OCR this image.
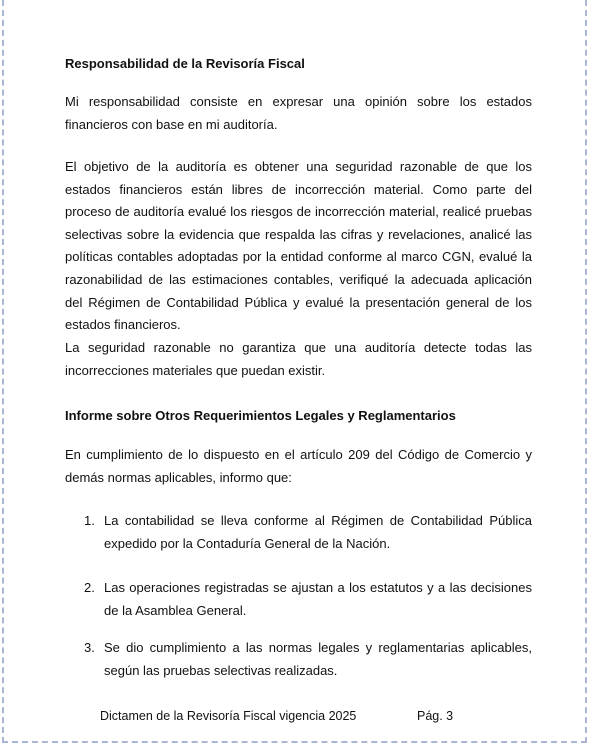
Responsabilidad de la Revisoría Fiscal
Mi responsabilidad consiste en expresar una opinión sobre los estados financieros con base en mi auditoría.
El objetivo de la auditoría es obtener una seguridad razonable de que los estados financieros están libres de incorrección material. Como parte del proceso de auditoría evalué los riesgos de incorrección material, realicé pruebas selectivas sobre la evidencia que respalda las cifras y revelaciones, analicé las políticas contables adoptadas por la entidad conforme al marco CGN, evalué la razonabilidad de las estimaciones contables, verifiqué la adecuada aplicación del Régimen de Contabilidad Pública y evalué la presentación general de los estados financieros.
La seguridad razonable no garantiza que una auditoría detecte todas las incorrecciones materiales que puedan existir.
Informe sobre Otros Requerimientos Legales y Reglamentarios
En cumplimiento de lo dispuesto en el artículo 209 del Código de Comercio y demás normas aplicables, informo que:
1. La contabilidad se lleva conforme al Régimen de Contabilidad Pública expedido por la Contaduría General de la Nación.
2. Las operaciones registradas se ajustan a los estatutos y a las decisiones de la Asamblea General.
3. Se dio cumplimiento a las normas legales y reglamentarias aplicables, según las pruebas selectivas realizadas.
Dictamen de la Revisoría Fiscal vigencia 2025	Pág. 3
